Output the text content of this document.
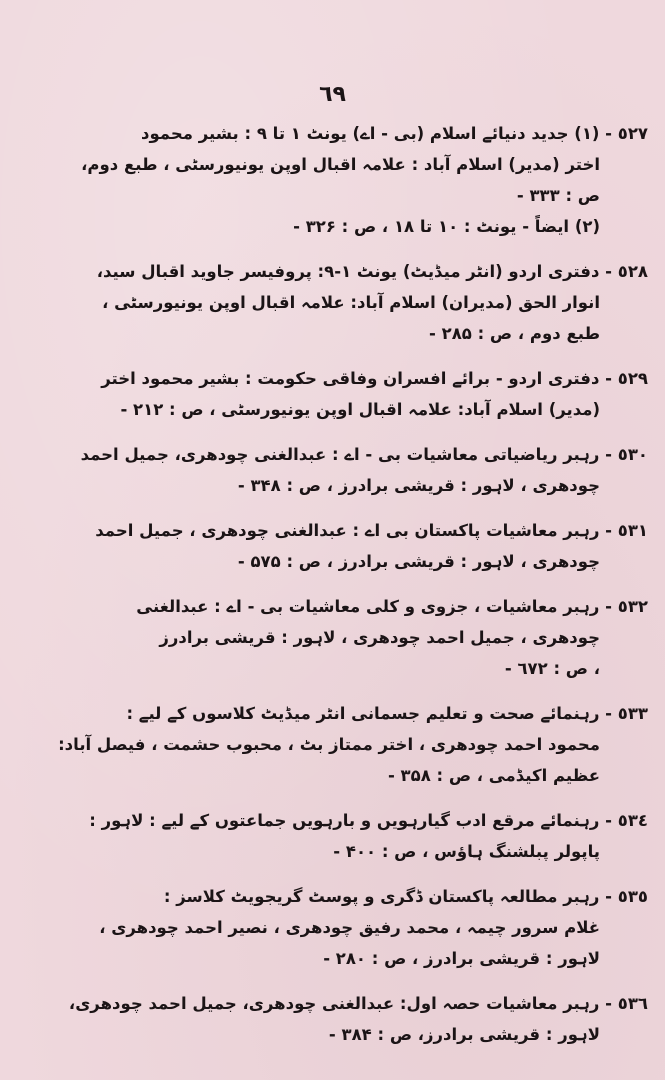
٦٩
٥٢٧ - (۱) جدید دنیائے اسلام (بی - اے) یونٹ ۱ تا ۹ : بشیر محمود
اختر (مدیر) اسلام آباد : علامہ اقبال اوپن یونیورسٹی ، طبع دوم،
ص : ۳۳۳ -
(۲) ایضاً - یونٹ : ۱۰ تا ۱۸ ، ص : ۳۲۶ -
٥٢٨ - دفتری اردو (انٹر میڈیٹ) یونٹ ۱-۹: پروفیسر جاوید اقبال سید،
انوار الحق (مدیران) اسلام آباد: علامہ اقبال اوپن یونیورسٹی ،
طبع دوم ، ص : ۲۸۵ -
٥٢٩ - دفتری اردو - برائے افسران وفاقی حکومت : بشیر محمود اختر
(مدیر) اسلام آباد: علامہ اقبال اوپن یونیورسٹی ، ص : ۲۱۲ -
٥٣٠ - رہبر ریاضیاتی معاشیات بی - اے : عبدالغنی چودھری، جمیل احمد
چودھری ، لاہور : قریشی برادرز ، ص : ۳۴۸ -
٥٣١ - رہبر معاشیات پاکستان بی اے : عبدالغنی چودھری ، جمیل احمد
چودھری ، لاہور : قریشی برادرز ، ص : ۵۷۵ -
٥٣٢ - رہبر معاشیات ، جزوی و کلی معاشیات بی - اے : عبدالغنی
چودھری ، جمیل احمد چودھری ، لاہور : قریشی برادرز
، ص : ٦٧٢ -
٥٣٣ - رہنمائے صحت و تعلیم جسمانی انٹر میڈیٹ کلاسوں کے لیے :
محمود احمد چودھری ، اختر ممتاز بٹ ، محبوب حشمت ، فیصل آباد:
عظیم اکیڈمی ، ص : ۳۵۸ -
٥٣٤ - رہنمائے مرقع ادب گیارہویں و بارہویں جماعتوں کے لیے : لاہور :
پاپولر پبلشنگ ہاؤس ، ص : ۴۰۰ -
٥٣٥ - رہبر مطالعہ پاکستان ڈگری و پوسٹ گریجویٹ کلاسز :
غلام سرور چیمہ ، محمد رفیق چودھری ، نصیر احمد چودھری ،
لاہور : قریشی برادرز ، ص : ۲۸۰ -
٥٣٦ - رہبر معاشیات حصہ اول: عبدالغنی چودھری، جمیل احمد چودھری،
لاہور : قریشی برادرز، ص : ۳۸۴ -
